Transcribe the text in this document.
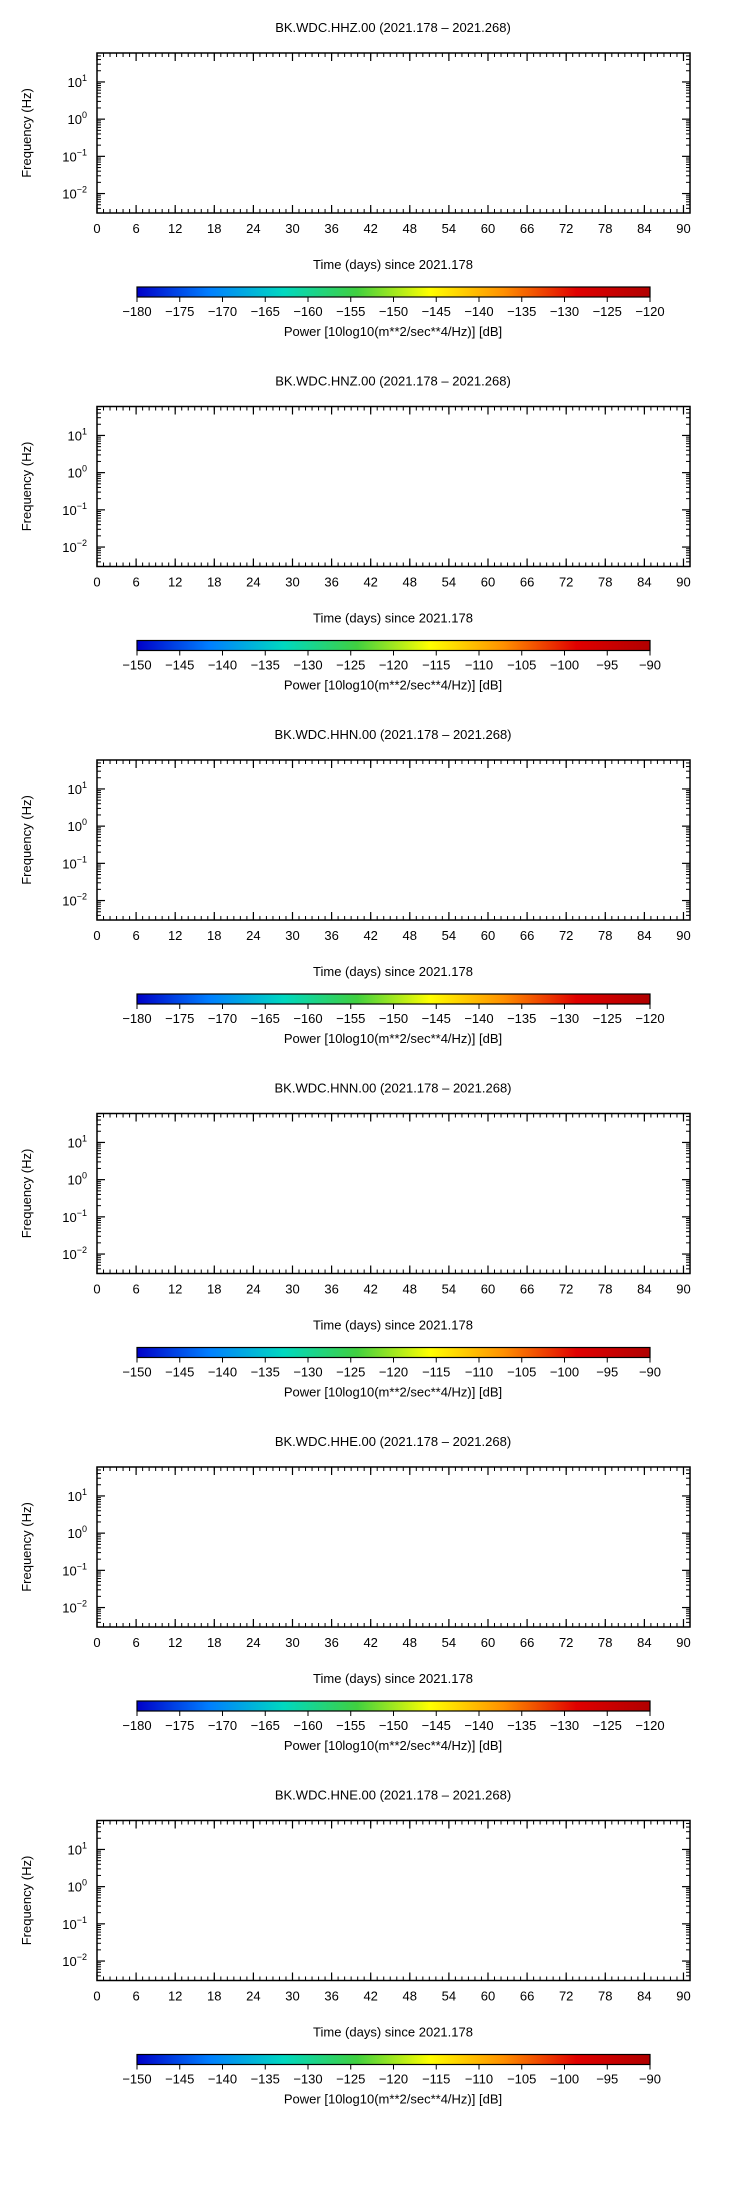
BK.WDC.HHZ.00 (2021.178 – 2021.268)
0 6 12 18 24 30 36 42 48 54 60 66 72 78 84 90
Time (days) since 2021.178
$10^1$
$10^0$
$10^{-1}$
$10^{-2}$
Frequency (Hz)
−180 −175 −170 −165 −160 −155 −150 −145 −140 −135 −130 −125 −120
Power [10log10(m**2/sec**4/Hz)] [dB]
BK.WDC.HNZ.00 (2021.178 – 2021.268)
0 6 12 18 24 30 36 42 48 54 60 66 72 78 84 90
Time (days) since 2021.178
$10^1$
$10^0$
$10^{-1}$
$10^{-2}$
Frequency (Hz)
−150 −145 −140 −135 −130 −125 −120 −115 −110 −105 −100 −95 −90
Power [10log10(m**2/sec**4/Hz)] [dB]
BK.WDC.HHN.00 (2021.178 – 2021.268)
0 6 12 18 24 30 36 42 48 54 60 66 72 78 84 90
Time (days) since 2021.178
$10^1$
$10^0$
$10^{-1}$
$10^{-2}$
Frequency (Hz)
−180 −175 −170 −165 −160 −155 −150 −145 −140 −135 −130 −125 −120
Power [10log10(m**2/sec**4/Hz)] [dB]
BK.WDC.HNN.00 (2021.178 – 2021.268)
0 6 12 18 24 30 36 42 48 54 60 66 72 78 84 90
Time (days) since 2021.178
$10^1$
$10^0$
$10^{-1}$
$10^{-2}$
Frequency (Hz)
−150 −145 −140 −135 −130 −125 −120 −115 −110 −105 −100 −95 −90
Power [10log10(m**2/sec**4/Hz)] [dB]
BK.WDC.HHE.00 (2021.178 – 2021.268)
0 6 12 18 24 30 36 42 48 54 60 66 72 78 84 90
Time (days) since 2021.178
$10^1$
$10^0$
$10^{-1}$
$10^{-2}$
Frequency (Hz)
−180 −175 −170 −165 −160 −155 −150 −145 −140 −135 −130 −125 −120
Power [10log10(m**2/sec**4/Hz)] [dB]
BK.WDC.HNE.00 (2021.178 – 2021.268)
0 6 12 18 24 30 36 42 48 54 60 66 72 78 84 90
Time (days) since 2021.178
$10^1$
$10^0$
$10^{-1}$
$10^{-2}$
Frequency (Hz)
−150 −145 −140 −135 −130 −125 −120 −115 −110 −105 −100 −95 −90
Power [10log10(m**2/sec**4/Hz)] [dB]
